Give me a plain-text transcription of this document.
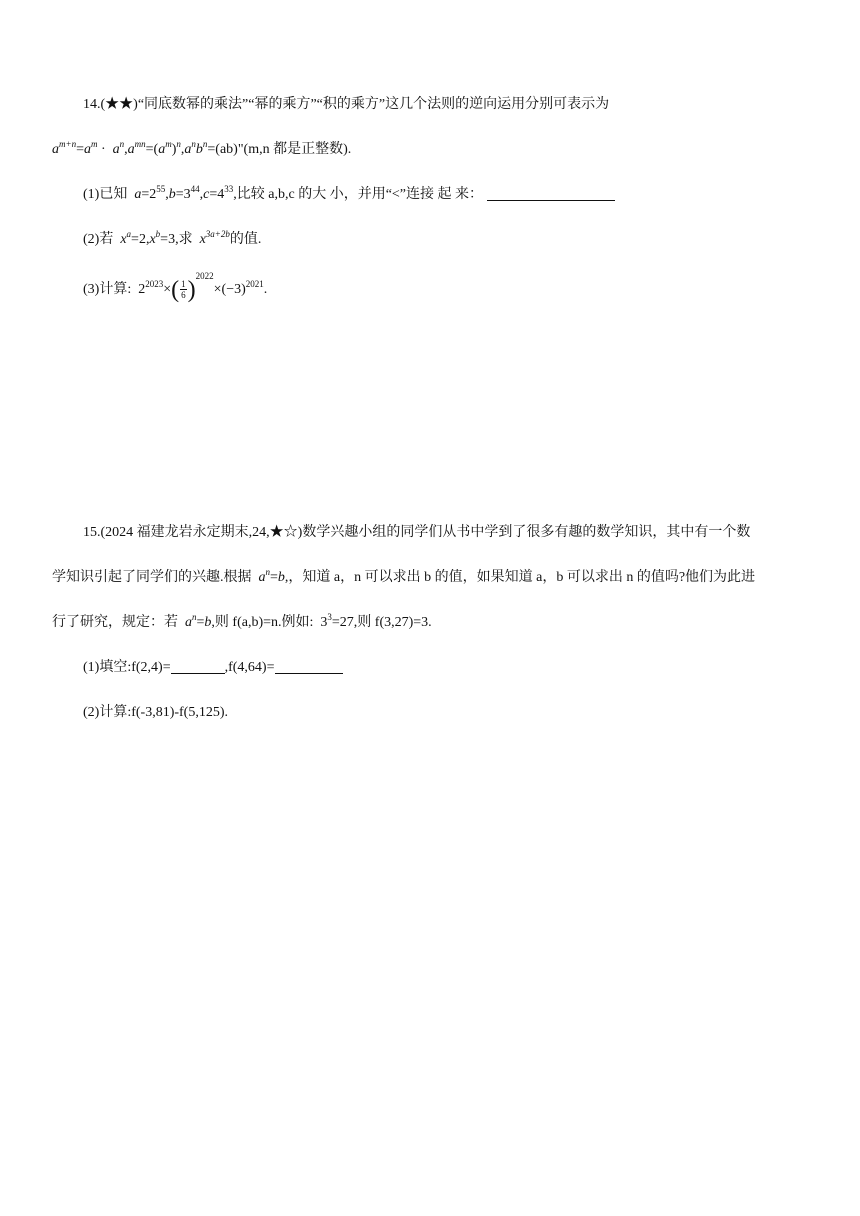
14.(★★)“同底数幂的乘法”“幂的乘方”“积的乘方”这几个法则的逆向运用分别可表示为
$a^{m+n}=a^m$ ·  $a^n,a^{mn}=(a^m)^n,a^nb^n=(ab)"(m,n$ 都是正整数).
(1)已知 $a=2^{55},b=3^{44},c=4^{33}$,比较 a,b,c 的大 小，并用“<”连接 起 来：
(2)若 $x^a=2,x^b=3$,求 $x^{3a+2b}$的值.
(3)计算: $2^{2023}\times( \frac{1}{6} )^{2022}\times(-3)^{2021}$.
15.(2024 福建龙岩永定期末,24,★☆)数学兴趣小组的同学们从书中学到了很多有趣的数学知识，其中有一个数
学知识引起了同学们的兴趣.根据 $a^n=b$,，知道 a，n 可以求出 b 的值，如果知道 a，b 可以求出 n 的值吗?他们为此进
行了研究，规定：若 $a^n=b$,则 f(a,b)=n.例如:  $3^3=27$,则 f(3,27)=3.
(1)填空:f(2,4)=	,f(4,64)=
(2)计算:f(-3,81)-f(5,125).
